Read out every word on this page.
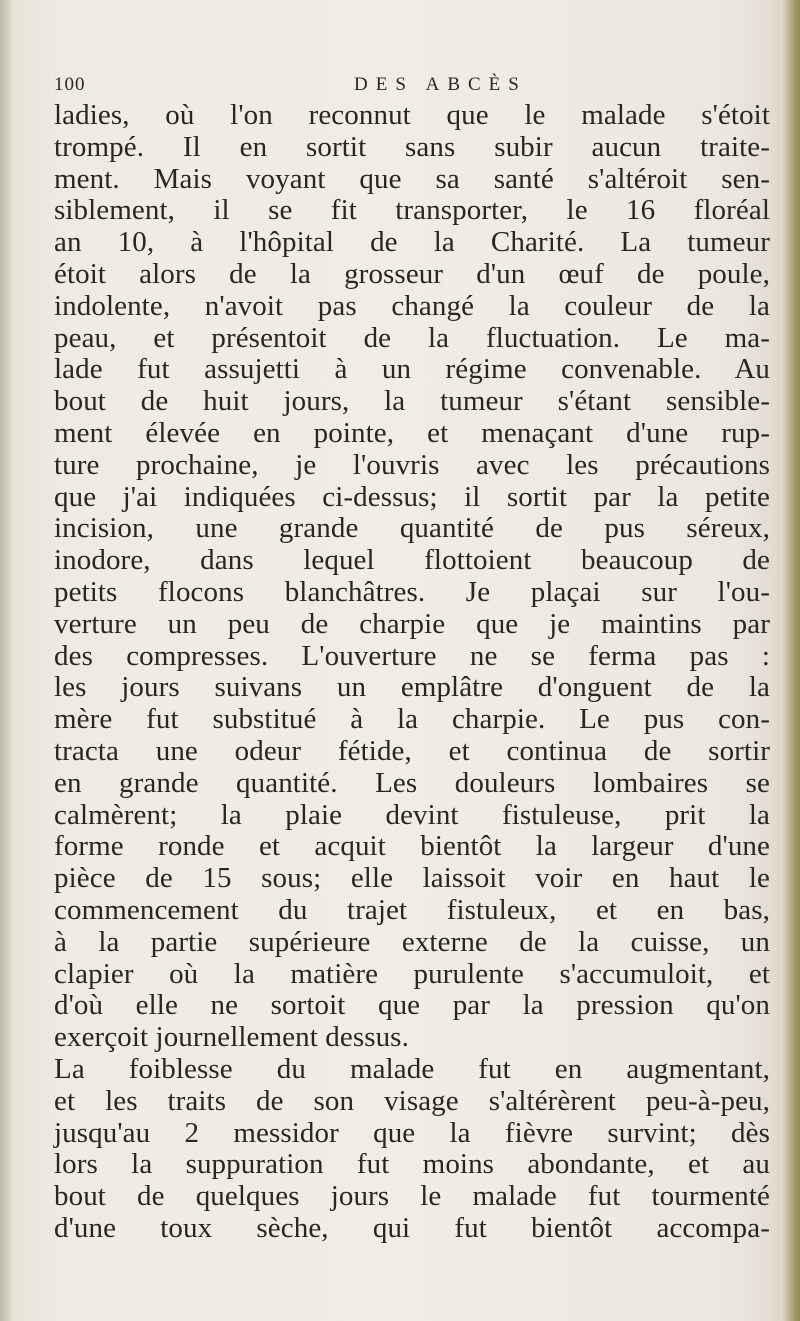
100	DES ABCÈS
ladies, où l'on reconnut que le malade s'étoit
trompé. Il en sortit sans subir aucun traite-
ment. Mais voyant que sa santé s'altéroit sen-
siblement, il se fit transporter, le 16 floréal
an 10, à l'hôpital de la Charité. La tumeur
étoit alors de la grosseur d'un œuf de poule,
indolente, n'avoit pas changé la couleur de la
peau, et présentoit de la fluctuation. Le ma-
lade fut assujetti à un régime convenable. Au
bout de huit jours, la tumeur s'étant sensible-
ment élevée en pointe, et menaçant d'une rup-
ture prochaine, je l'ouvris avec les précautions
que j'ai indiquées ci-dessus; il sortit par la petite
incision, une grande quantité de pus séreux,
inodore, dans lequel flottoient beaucoup de
petits flocons blanchâtres. Je plaçai sur l'ou-
verture un peu de charpie que je maintins par
des compresses. L'ouverture ne se ferma pas :
les jours suivans un emplâtre d'onguent de la
mère fut substitué à la charpie. Le pus con-
tracta une odeur fétide, et continua de sortir
en grande quantité. Les douleurs lombaires se
calmèrent; la plaie devint fistuleuse, prit la
forme ronde et acquit bientôt la largeur d'une
pièce de 15 sous; elle laissoit voir en haut le
commencement du trajet fistuleux, et en bas,
à la partie supérieure externe de la cuisse, un
clapier où la matière purulente s'accumuloit, et
d'où elle ne sortoit que par la pression qu'on
exerçoit journellement dessus.
La foiblesse du malade fut en augmentant,
et les traits de son visage s'altérèrent peu-à-peu,
jusqu'au 2 messidor que la fièvre survint; dès
lors la suppuration fut moins abondante, et au
bout de quelques jours le malade fut tourmenté
d'une toux sèche, qui fut bientôt accompa-
